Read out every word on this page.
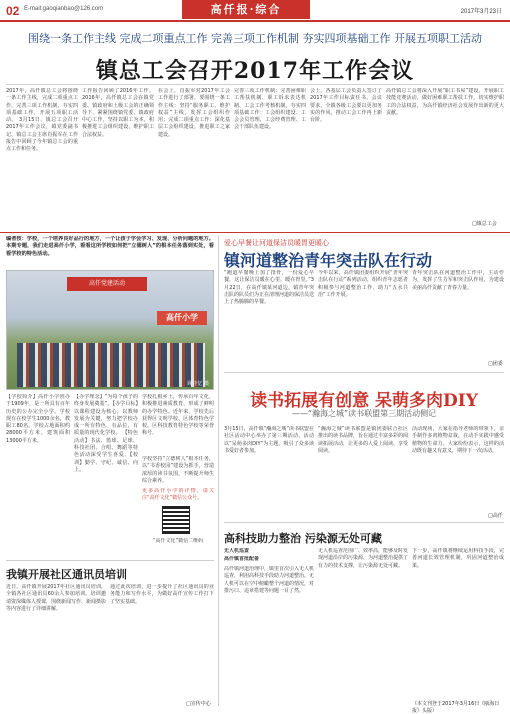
02 E-mail:gaoqianbao@126.com	高仟报·综合	2017年3月23日
围绕一条工作主线 完成二项重点工作 完善三项工作机制 夯实四项基础工作 开展五项职工活动
镇总工会召开2017年工作会议
2017年，高仟镇总工会将围绕一条工作主线，完成二项重点工作，完善三项工作机制，夯实四项基础工作，开展五项职工活动。 3月15日，镇总工会召开2017年工作会议，镇党委副书记、镇总工会主席肖振军在工作报告中回顾了今年镇总工会的重点工作和任务。
工作报告回顾了2016年工作。2016年，高仟镇总工会在镇党委、镇政府和上级工会的正确领导下，紧紧围绕镇党委、镇政府中心工作，坚持以职工为本，积极推进工会组织建设，维护职工合法权益。
在会上，肖振军对2017年工会工作进行了部署。要围绕一条工作主线：坚持“服务职工、维护权益”主线，发挥工会组织作用；完成二项重点工作：深化基层工会组织建设，推进职工之家建设。
完善三项工作机制：完善困难职工帮扶机制、职工诉求表达机制、工会工作考核机制。夯实四项基础工作：工会组织建设、工会会员管理、工会经费管理、工会干部队伍建设。
会上，各基层工会负责人签订了2017年工作目标责任书。会议要求，全镇各级工会要以更加务实的作风，推动工会工作再上新台阶。
高仟镇总工会将深入开展“职工书屋”建设，开展职工技能竞赛活动，做好困难职工帮扶工作，切实维护职工的合法权益，为高仟镇经济社会发展作出新的更大贡献。
□镇总工会
编者按：学校，一个培养良好品行的地方，一个让孩子学会学习、发现、分析问题的地方。本期专题，我们走进高仟小学，看看这所学校如何把“立德树人”的根本任务落到实处，看看学校的特色活动。
高仟党建活动
高仟小学
顾佳忆 摄
【学校简介】高仟小学创办于1909年，是一所具有百年历史的公办完全小学。学校现有在校学生1000余名，教职工80名。学校占地面积约28000平方米，建筑面积13000平方米。
【办学理念】“为每个孩子的终身发展奠基”。【办学目标】以课程建设为核心，以教师发展为关键，努力把学校办成一所有特色、有品位、有质量的现代化学校。 【特色活动】书法、篮球、足球、科技社团、合唱、舞蹈等特色活动深受学生喜爱。【校训】勤学、守纪、诚信、向上。
学校扎根乡土，传承百年文化，积极推进素质教育，形成了鲜明的办学特色。近年来，学校先后获得区文明学校、区体育特色学校、区科技教育特色学校等荣誉称号。
学校坚持“立德树人”根本任务，以“书香校园”建设为抓手，营造浓厚的读书氛围，不断提升师生综合素养。
更多高仟小学的详情，请关注“高仟文化”微信公众号。
“高仟文化”微信二维码
我镇开展社区通讯员培训
近日，高仟镇开展2017年社区通讯员培训，全镇各社区通讯员60余人参加培训。培训邀请资深媒体人授课，围绕新闻写作、新闻摄影等内容进行了详细讲解。
通过此次培训，进一步提升了社区通讯员的业务能力和写作水平，为做好高仟宣传工作打下了坚实基础。
□宣传中心
爱心早餐让河道保洁员暖胃更暖心
镇河道整治青年突击队在行动
“跑道早餐晚上加了排骨，一份爱心早餐，这让保洁员暖在心里，暖在胃里。”3月22日，在高仟镇某河道边，镇青年突击队的队员们为正在清理河道的保洁员送上了热腾腾的早餐。
今年以来，高仟镇团委组织开展“青年突击队在行动”系列活动，组织青年志愿者积极参与河道整治工作，助力“五水共治”工作开展。
青年突击队在河道整治工作中，主动作为，发挥了生力军和突击队作用，为建设美丽高仟贡献了青春力量。
□团委
读书拓展有创意 呆萌多肉DIY
——“瀚海之城”读书联盟第三期活动侧记
3月15日，高仟镇“瀚海之城”读书联盟在社区活动中心举办了第三期活动，活动以“呆萌多肉DIY”为主题，吸引了众多读书爱好者参加。
“瀚海之城”读书联盟是镇团委联合社区推出的读书品牌，旨在通过丰富多彩的阅读拓展活动，让更多的人爱上阅读、享受阅读。
活动现场，大家在指导老师的带领下，亲手制作多肉植物盆栽，在动手实践中感受植物的生命力。大家纷纷表示，这样的活动既有趣又有意义，期待下一次活动。
□高仟
高科技助力整治 污染源无处可藏
无人机巡查
高仟镇首批配备
高仟镇河道治理中，镇里首次引入无人机巡查，利用高科技手段助力河道整治。无人机可以在空中俯瞰整个河道的情况，对排污口、违章搭建等问题一目了然。
无人机巡查范围广、效率高，能够及时发现河道沿岸的污染源，为河道整治提供了有力的技术支撑，让污染源无处可藏。
下一步，高仟镇将继续运用科技手段，完善河道长效管理机制，巩固河道整治成果。
（本文刊登于2017年3月16日《瓯海日报》头版）
